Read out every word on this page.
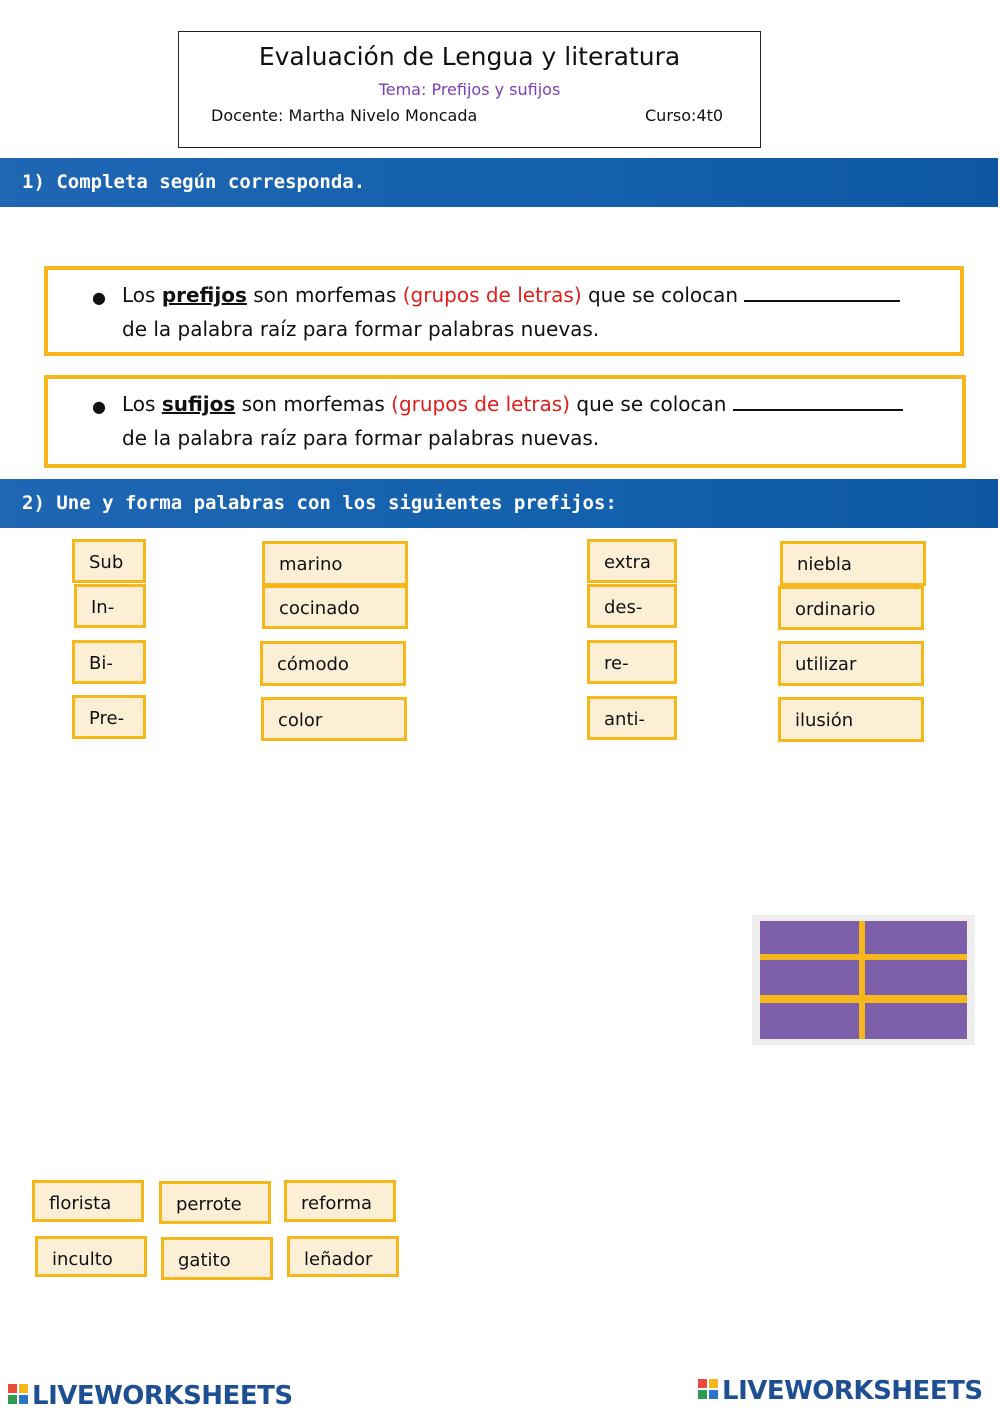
Evaluación de Lengua y literatura
Tema: Prefijos y sufijos
Docente: Martha Nivelo Moncada	Curso:4t0
1) Completa según corresponda.
● Los prefijos son morfemas (grupos de letras) que se colocan
de la palabra raíz para formar palabras nuevas.
● Los sufijos son morfemas (grupos de letras) que se colocan
de la palabra raíz para formar palabras nuevas.
2) Une y forma palabras con los siguientes prefijos:
Sub
In-
Bi-
Pre-
marino
cocinado
cómodo
color
extra
des-
re-
anti-
niebla
ordinario
utilizar
ilusión
florista	perrote	reforma
inculto	gatito	leñador
LIVEWORKSHEETS	LIVEWORKSHEETS
